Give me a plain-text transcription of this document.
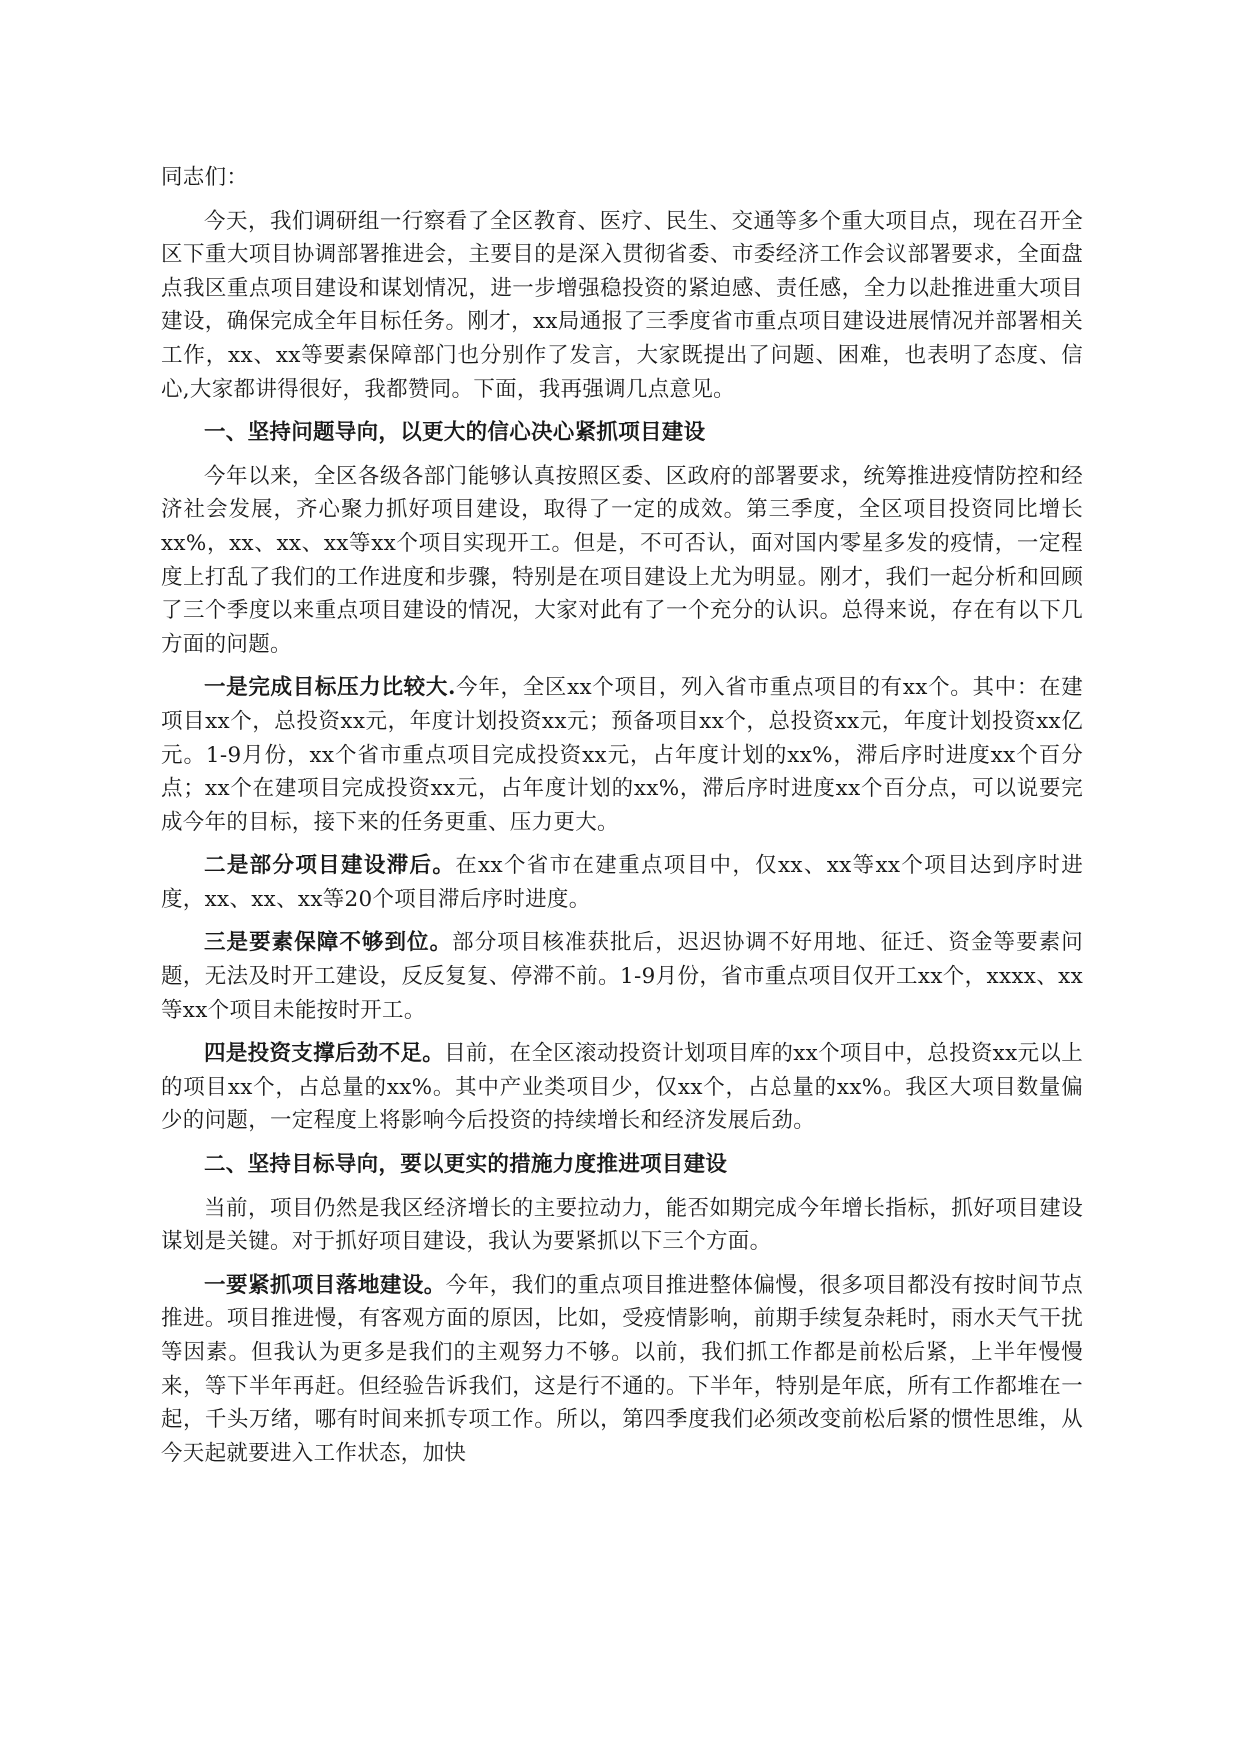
同志们：

今天，我们调研组一行察看了全区教育、医疗、民生、交通等多个重大项目点，现在召开全区下重大项目协调部署推进会，主要目的是深入贯彻省委、市委经济工作会议部署要求，全面盘点我区重点项目建设和谋划情况，进一步增强稳投资的紧迫感、责任感，全力以赴推进重大项目建设，确保完成全年目标任务。刚才，xx局通报了三季度省市重点项目建设进展情况并部署相关工作，xx、xx等要素保障部门也分别作了发言，大家既提出了问题、困难，也表明了态度、信心,大家都讲得很好，我都赞同。下面，我再强调几点意见。

一、坚持问题导向，以更大的信心决心紧抓项目建设

今年以来，全区各级各部门能够认真按照区委、区政府的部署要求，统筹推进疫情防控和经济社会发展，齐心聚力抓好项目建设，取得了一定的成效。第三季度，全区项目投资同比增长xx%，xx、xx、xx等xx个项目实现开工。但是，不可否认，面对国内零星多发的疫情，一定程度上打乱了我们的工作进度和步骤，特别是在项目建设上尤为明显。刚才，我们一起分析和回顾了三个季度以来重点项目建设的情况，大家对此有了一个充分的认识。总得来说，存在有以下几方面的问题。

一是完成目标压力比较大.今年，全区xx个项目，列入省市重点项目的有xx个。其中：在建项目xx个，总投资xx元，年度计划投资xx元；预备项目xx个，总投资xx元，年度计划投资xx亿元。1-9月份，xx个省市重点项目完成投资xx元，占年度计划的xx%，滞后序时进度xx个百分点；xx个在建项目完成投资xx元，占年度计划的xx%，滞后序时进度xx个百分点，可以说要完成今年的目标，接下来的任务更重、压力更大。

二是部分项目建设滞后。在xx个省市在建重点项目中，仅xx、xx等xx个项目达到序时进度，xx、xx、xx等20个项目滞后序时进度。

三是要素保障不够到位。部分项目核准获批后，迟迟协调不好用地、征迁、资金等要素问题，无法及时开工建设，反反复复、停滞不前。1-9月份，省市重点项目仅开工xx个，xxxx、xx等xx个项目未能按时开工。

四是投资支撑后劲不足。目前，在全区滚动投资计划项目库的xx个项目中，总投资xx元以上的项目xx个，占总量的xx%。其中产业类项目少，仅xx个，占总量的xx%。我区大项目数量偏少的问题，一定程度上将影响今后投资的持续增长和经济发展后劲。

二、坚持目标导向，要以更实的措施力度推进项目建设

当前，项目仍然是我区经济增长的主要拉动力，能否如期完成今年增长指标，抓好项目建设谋划是关键。对于抓好项目建设，我认为要紧抓以下三个方面。

一要紧抓项目落地建设。今年，我们的重点项目推进整体偏慢，很多项目都没有按时间节点推进。项目推进慢，有客观方面的原因，比如，受疫情影响，前期手续复杂耗时，雨水天气干扰等因素。但我认为更多是我们的主观努力不够。以前，我们抓工作都是前松后紧，上半年慢慢来，等下半年再赶。但经验告诉我们，这是行不通的。下半年，特别是年底，所有工作都堆在一起，千头万绪，哪有时间来抓专项工作。所以，第四季度我们必须改变前松后紧的惯性思维，从今天起就要进入工作状态，加快
